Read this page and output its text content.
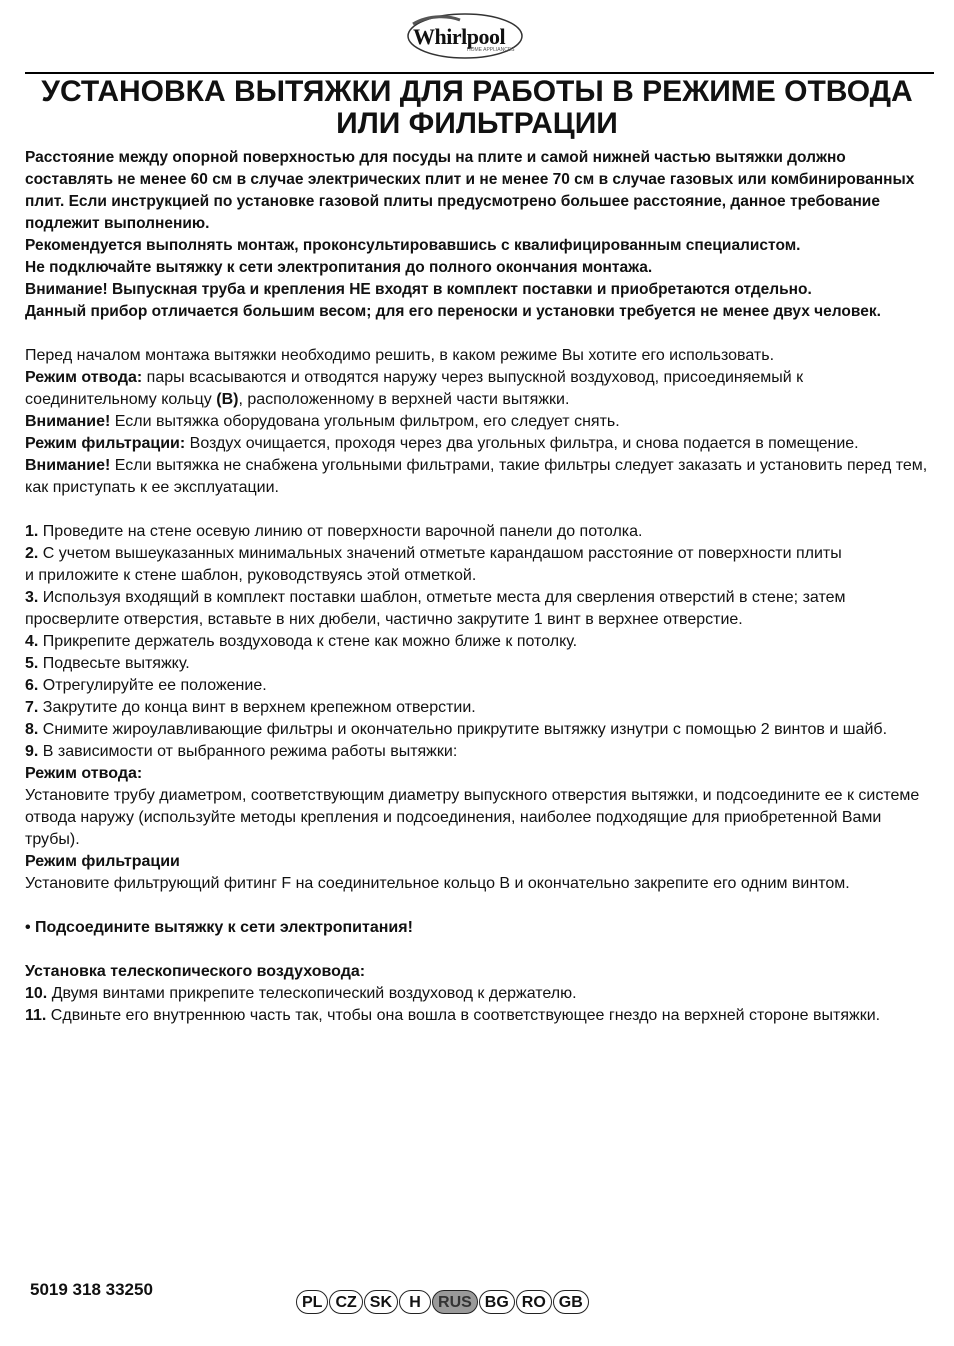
Whirlpool
HOME APPLIANCES
УСТАНОВКА ВЫТЯЖКИ ДЛЯ РАБОТЫ В РЕЖИМЕ ОТВОДА ИЛИ ФИЛЬТРАЦИИ

Расстояние между опорной поверхностью для посуды на плите и самой нижней частью вытяжки должно составлять не менее 60 см в случае электрических плит и не менее 70 см в случае газовых или комбинированных плит. Если инструкцией по установке газовой плиты предусмотрено большее расстояние, данное требование подлежит выполнению.

Рекомендуется выполнять монтаж, проконсультировавшись с квалифицированным специалистом.

Не подключайте вытяжку к сети электропитания до полного окончания монтажа.

Внимание! Выпускная труба и крепления НЕ входят в комплект поставки и приобретаются отдельно.

Данный прибор отличается большим весом; для его переноски и установки требуется не менее двух человек.

Перед началом монтажа вытяжки необходимо решить, в каком режиме Вы хотите его использовать.

Режим отвода: пары всасываются и отводятся наружу через выпускной воздуховод, присоединяемый к соединительному кольцу (B), расположенному в верхней части вытяжки.

Внимание! Если вытяжка оборудована угольным фильтром, его следует снять.

Режим фильтрации: Воздух очищается, проходя через два угольных фильтра, и снова подается в помещение.

Внимание! Если вытяжка не снабжена угольными фильтрами, такие фильтры следует заказать и установить перед тем, как приступать к ее эксплуатации.

1. Проведите на стене осевую линию от поверхности варочной панели до потолка.

2. С учетом вышеуказанных минимальных значений отметьте карандашом расстояние от поверхности плиты

и приложите к стене шаблон, руководствуясь этой отметкой.

3. Используя входящий в комплект поставки шаблон, отметьте места для сверления отверстий в стене; затем просверлите отверстия, вставьте в них дюбели, частично закрутите 1 винт в верхнее отверстие.

4. Прикрепите держатель воздуховода к стене как можно ближе к потолку.

5. Подвесьте вытяжку.

6. Отрегулируйте ее положение.

7. Закрутите до конца винт в верхнем крепежном отверстии.

8. Снимите жироулавливающие фильтры и окончательно прикрутите вытяжку изнутри с помощью 2 винтов и шайб.

9. В зависимости от выбранного режима работы вытяжки:

Режим отвода:

Установите трубу диаметром, соответствующим диаметру выпускного отверстия вытяжки, и подсоедините ее к системе отвода наружу (используйте методы крепления и подсоединения, наиболее подходящие для приобретенной Вами трубы).

Режим фильтрации

Установите фильтрующий фитинг F на соединительное кольцо B и окончательно закрепите его одним винтом.

• Подсоедините вытяжку к сети электропитания!

Установка телескопического воздуховода:

10. Двумя винтами прикрепите телескопический воздуховод к держателю.

11. Сдвиньте его внутреннюю часть так, чтобы она вошла в соответствующее гнездо на верхней стороне вытяжки.

5019 318 33250
PL CZ SK	H	RUS BG RO GB
